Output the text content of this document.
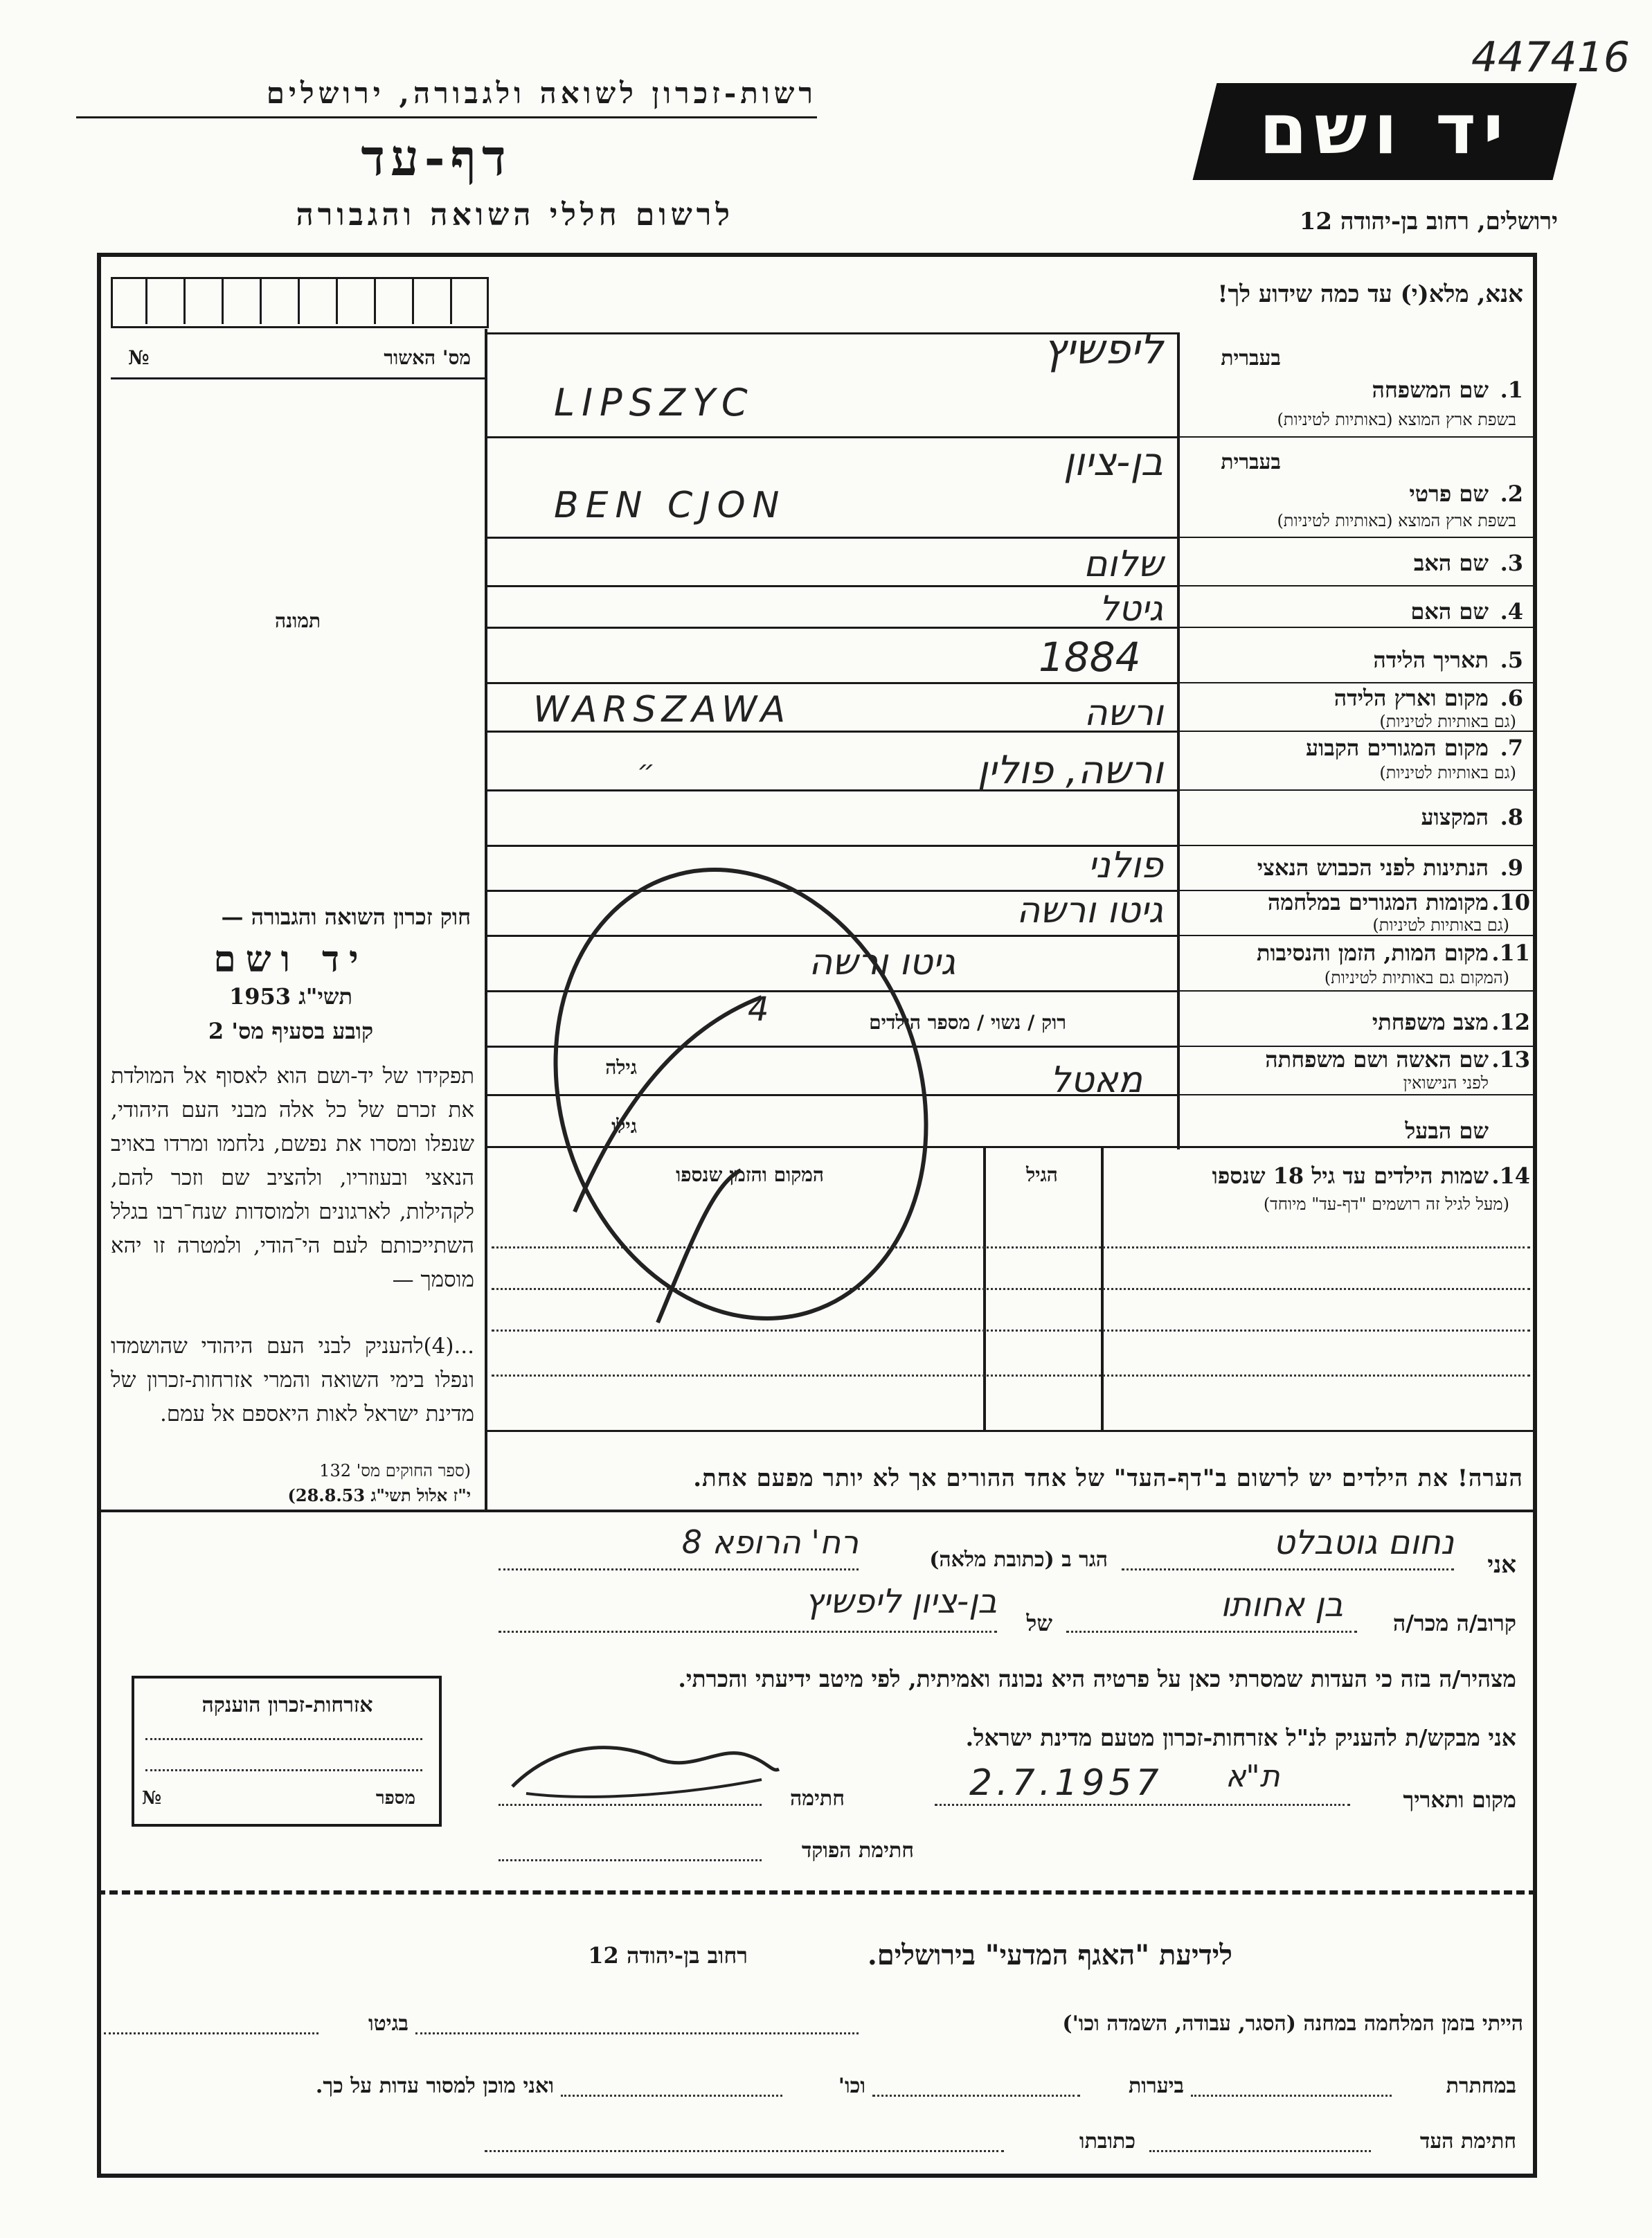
447416
רשות-זכרון לשואה ולגבורה, ירושלים
דף-עד
לרשום חללי השואה והגבורה
יד ושם
ירושלים, רחוב בן-יהודה 12
אנא, מלא(י) עד כמה שידוע לך!
№	מס' האשור
תמונה
חוק זכרון השואה והגבורה —
יד ושם
תשי"ג 1953
קובע בסעיף מס' 2
תפקידו של יד-ושם הוא לאסוף אל המולדת את זכרם של כל אלה מבני העם היהודי, שנפלו ומסרו את נפשם, נלחמו ומרדו באויב הנאצי ובעוזריו, ולהציב שם וזכר להם, לקהילות, לארגונים ולמוסדות שנח־רבו בגלל השתייכותם לעם הי־הודי, ולמטרה זו יהא מוסמך —
...(4)להעניק לבני העם היהודי שהושמדו ונפלו בימי השואה והמרי אזרחות-זכרון של מדינת ישראל לאות היאספם אל עמם.
(ספר החוקים מס' 132
י"ז אלול תשי"ג 28.8.53)
בעברית
1.
שם המשפחה
בשפת ארץ המוצא (באותיות לטיניות)
ליפשיץ
LIPSZYC
בעברית
2.
שם פרטי
בשפת ארץ המוצא (באותיות לטיניות)
בן-ציון
BEN CJON
3.
שם האב
שלום
4.
שם האם
גיטל
5.
תאריך הלידה
1884
6.
מקום וארץ הלידה
(גם באותיות לטיניות)
ורשה
WARSZAWA
7.
מקום המגורים הקבוע
(גם באותיות לטיניות)
ורשה, פולין
״
8.
המקצוע
9.
הנתינות לפני הכבוש הנאצי
פולני
10.
מקומות המגורים במלחמה
(גם באותיות לטיניות)
גיטו ורשה
11.
מקום המות, הזמן והנסיבות
(המקום גם באותיות לטיניות)
גיטו ורשה
12.
מצב משפחתי
רוק / נשוי / מספר הילדים
4
13.
שם האשה ושם משפחתה
לפני הנישואין
מאטל
גילה
שם הבעל
גילו
14.
שמות הילדים עד גיל 18 שנספו
(מעל לגיל זה רושמים "דף-עד" מיוחד)
הגיל
המקום והזמן שנספו
הערה! את הילדים יש לרשום ב"דף-העד" של אחד ההורים אך לא יותר מפעם אחת.
אני
נחום גוטבלט
הגר ב (כתובת מלאה)
רח' הרופא 8
קרוב/ה מכר/ה
בן אחותו
של
בן-ציון ליפשיץ
מצהיר/ה בזה כי העדות שמסרתי כאן על פרטיה היא נכונה ואמיתית, לפי מיטב ידיעתי והכרתי.
אני מבקש/ת להעניק לנ"ל אזרחות-זכרון מטעם מדינת ישראל.
מקום ותאריך
2.7.1957 ת"א
חתימה
חתימת הפוקד
אזרחות-זכרון הוענקה
מספר
№
לידיעת "האגף המדעי" בירושלים.
רחוב בן-יהודה 12
הייתי בזמן המלחמה במחנה (הסגר, עבודה, השמדה וכו')
בגיטו
במחתרת
ביערות
וכו'
ואני מוכן למסור עדות על כך.
חתימת העד
כתובתו
